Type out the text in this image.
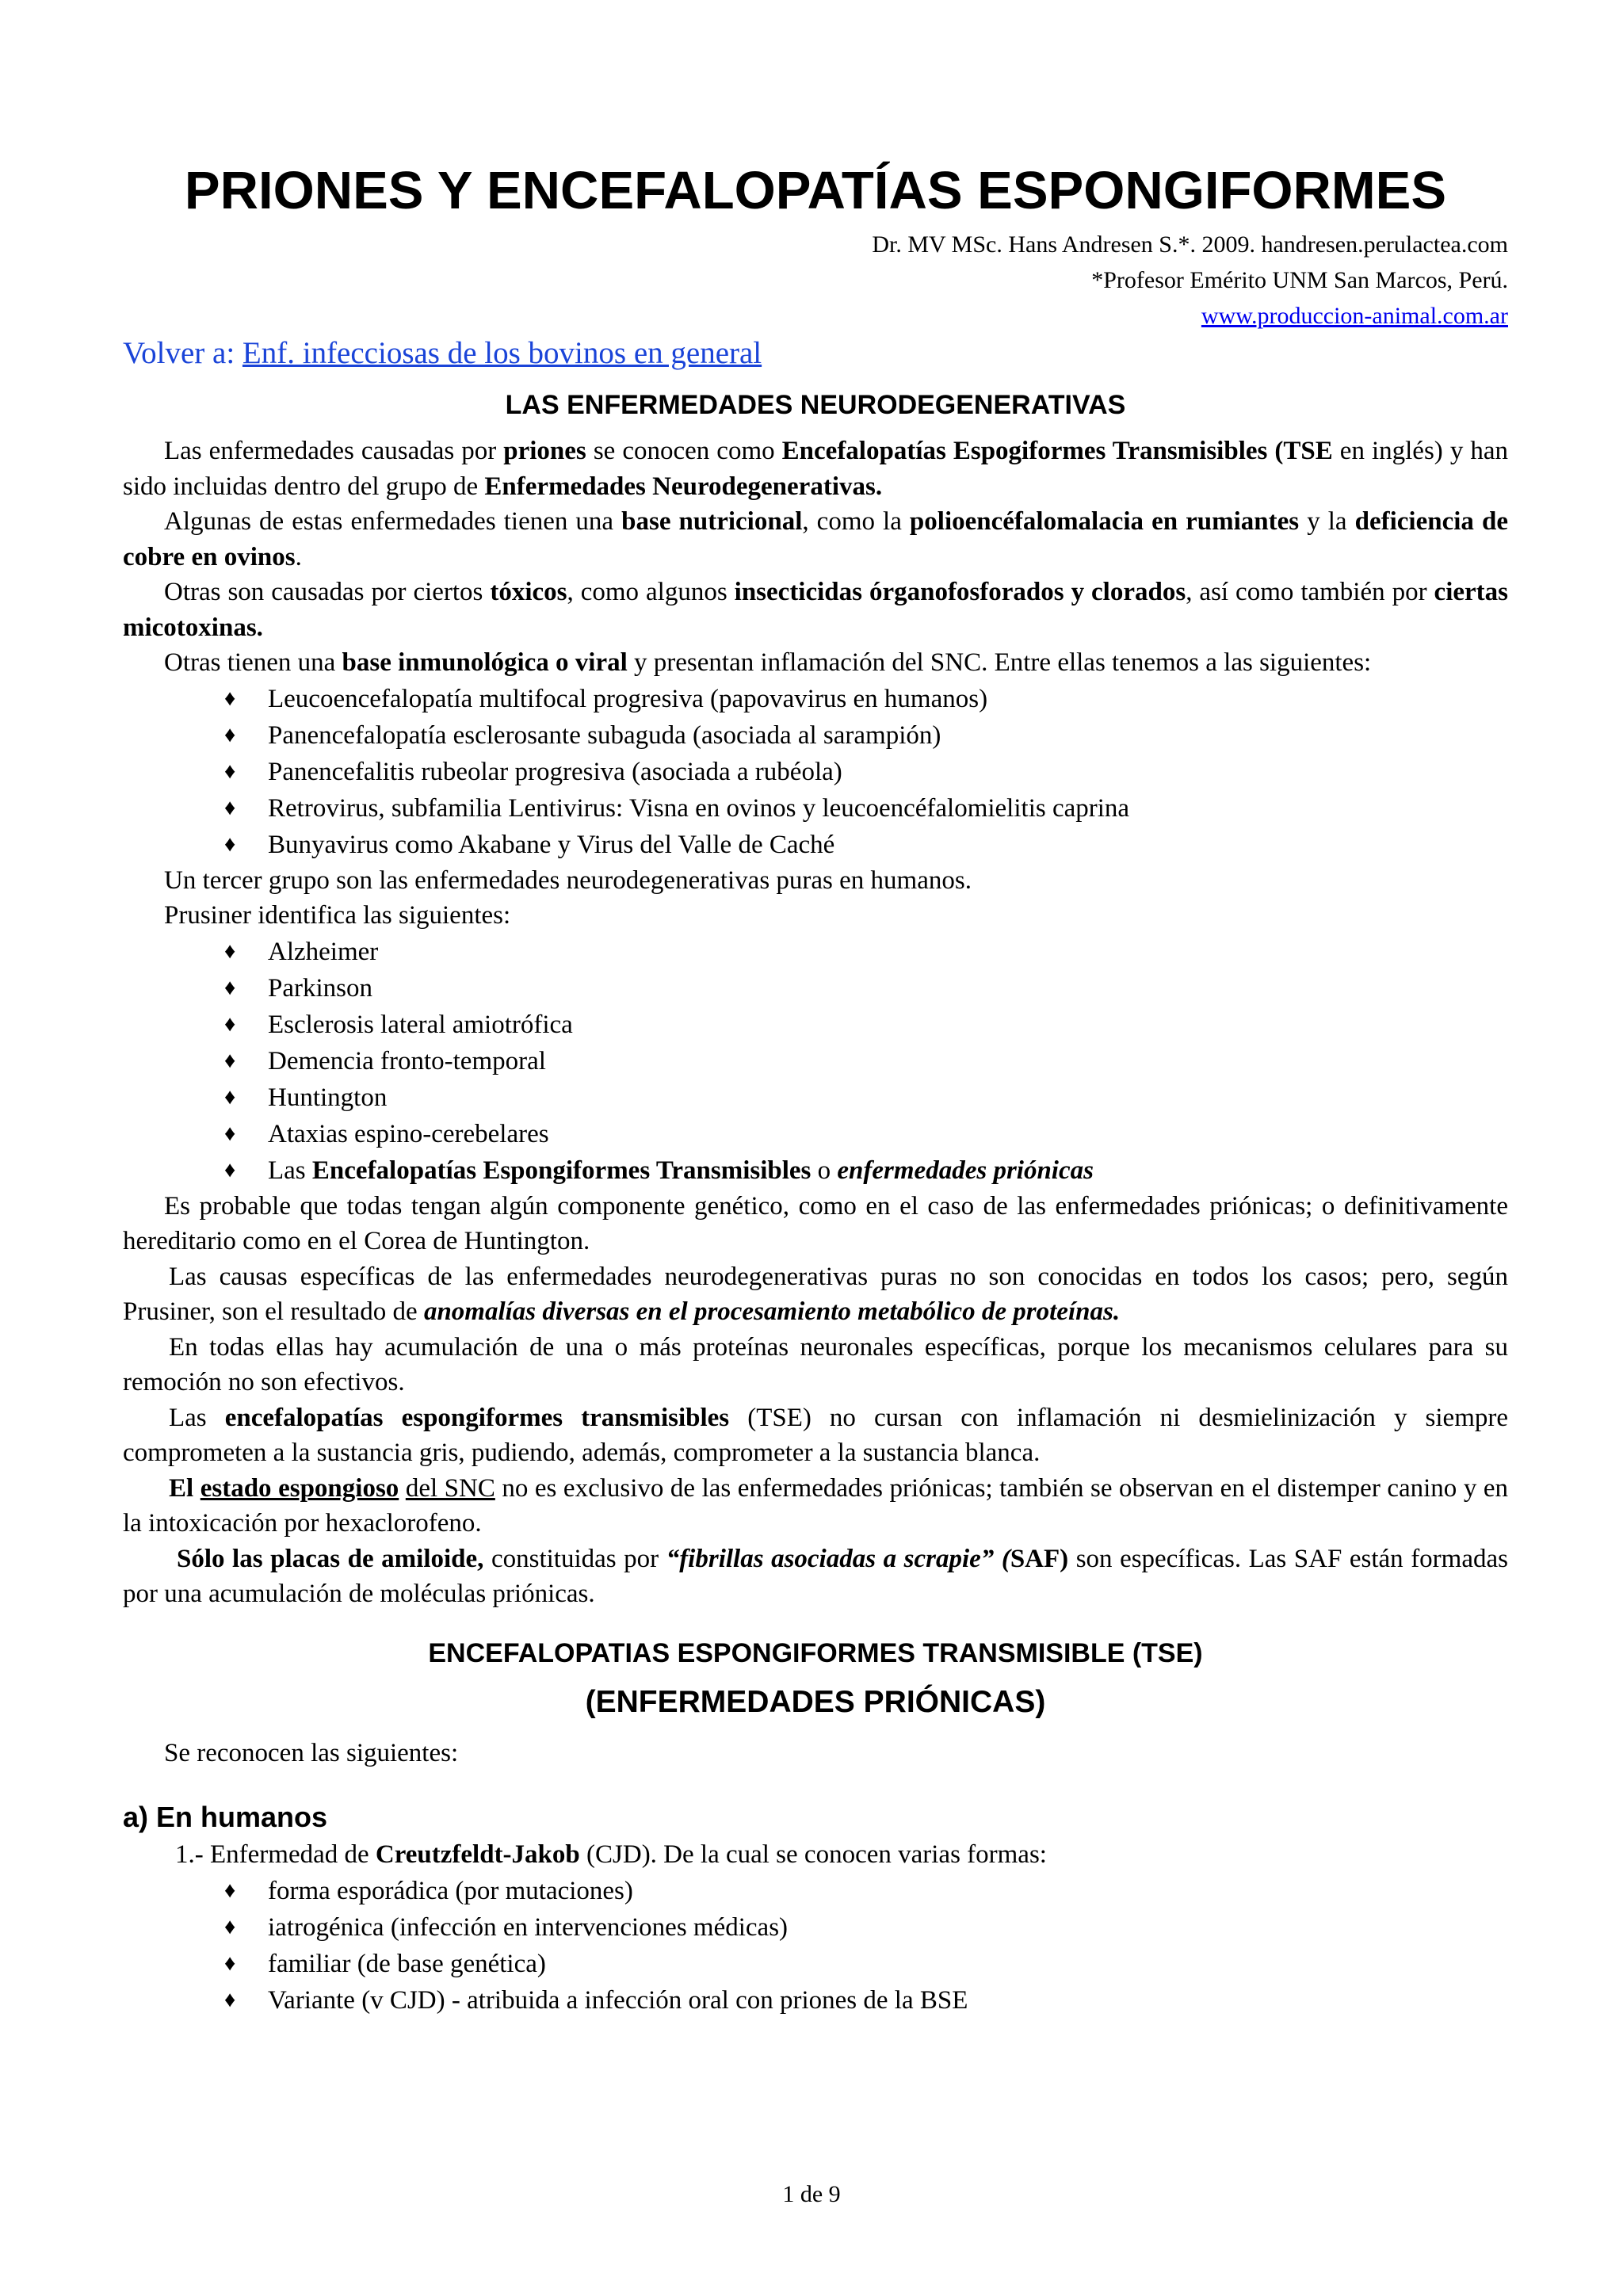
PRIONES Y ENCEFALOPATÍAS ESPONGIFORMES
Dr. MV MSc. Hans Andresen S.*. 2009. handresen.perulactea.com
*Profesor Emérito UNM San Marcos, Perú.
www.produccion-animal.com.ar
Volver a: Enf. infecciosas de los bovinos en general
LAS ENFERMEDADES NEURODEGENERATIVAS

Las enfermedades causadas por priones se conocen como Encefalopatías Espogiformes Transmisibles (TSE en inglés) y han sido incluidas dentro del grupo de Enfermedades Neurodegenerativas.

Algunas de estas enfermedades tienen una base nutricional, como la polioencéfalomalacia en rumiantes y la deficiencia de cobre en ovinos.

Otras son causadas por ciertos tóxicos, como algunos insecticidas órganofosforados y clorados, así como también por ciertas micotoxinas.

Otras tienen una base inmunológica o viral y presentan inflamación del SNC. Entre ellas tenemos a las siguientes:

♦ Leucoencefalopatía multifocal progresiva (papovavirus en humanos)
♦ Panencefalopatía esclerosante subaguda (asociada al sarampión)
♦ Panencefalitis rubeolar progresiva (asociada a rubéola)
♦ Retrovirus, subfamilia Lentivirus: Visna en ovinos y leucoencéfalomielitis caprina
♦ Bunyavirus como Akabane y Virus del Valle de Caché

Un tercer grupo son las enfermedades neurodegenerativas puras en humanos.

Prusiner identifica las siguientes:

♦ Alzheimer
♦ Parkinson
♦ Esclerosis lateral amiotrófica
♦ Demencia fronto-temporal
♦ Huntington
♦ Ataxias espino-cerebelares
♦ Las Encefalopatías Espongiformes Transmisibles o enfermedades priónicas

Es probable que todas tengan algún componente genético, como en el caso de las enfermedades priónicas; o definitivamente hereditario como en el Corea de Huntington.

Las causas específicas de las enfermedades neurodegenerativas puras no son conocidas en todos los casos; pero, según Prusiner, son el resultado de anomalías diversas en el procesamiento metabólico de proteínas.

En todas ellas hay acumulación de una o más proteínas neuronales específicas, porque los mecanismos celulares para su remoción no son efectivos.

Las encefalopatías espongiformes transmisibles (TSE) no cursan con inflamación ni desmielinización y siempre comprometen a la sustancia gris, pudiendo, además, comprometer a la sustancia blanca.

El estado espongioso del SNC no es exclusivo de las enfermedades priónicas; también se observan en el distemper canino y en la intoxicación por hexaclorofeno.

Sólo las placas de amiloide, constituidas por “fibrillas asociadas a scrapie” (SAF) son específicas. Las SAF están formadas por una acumulación de moléculas priónicas.

ENCEFALOPATIAS ESPONGIFORMES TRANSMISIBLE (TSE)
(ENFERMEDADES PRIÓNICAS)

Se reconocen las siguientes:

a) En humanos

1.- Enfermedad de Creutzfeldt-Jakob (CJD). De la cual se conocen varias formas:

♦ forma esporádica (por mutaciones)
♦ iatrogénica (infección en intervenciones médicas)
♦ familiar (de base genética)
♦ Variante (v CJD) - atribuida a infección oral con priones de la BSE
1 de 9
